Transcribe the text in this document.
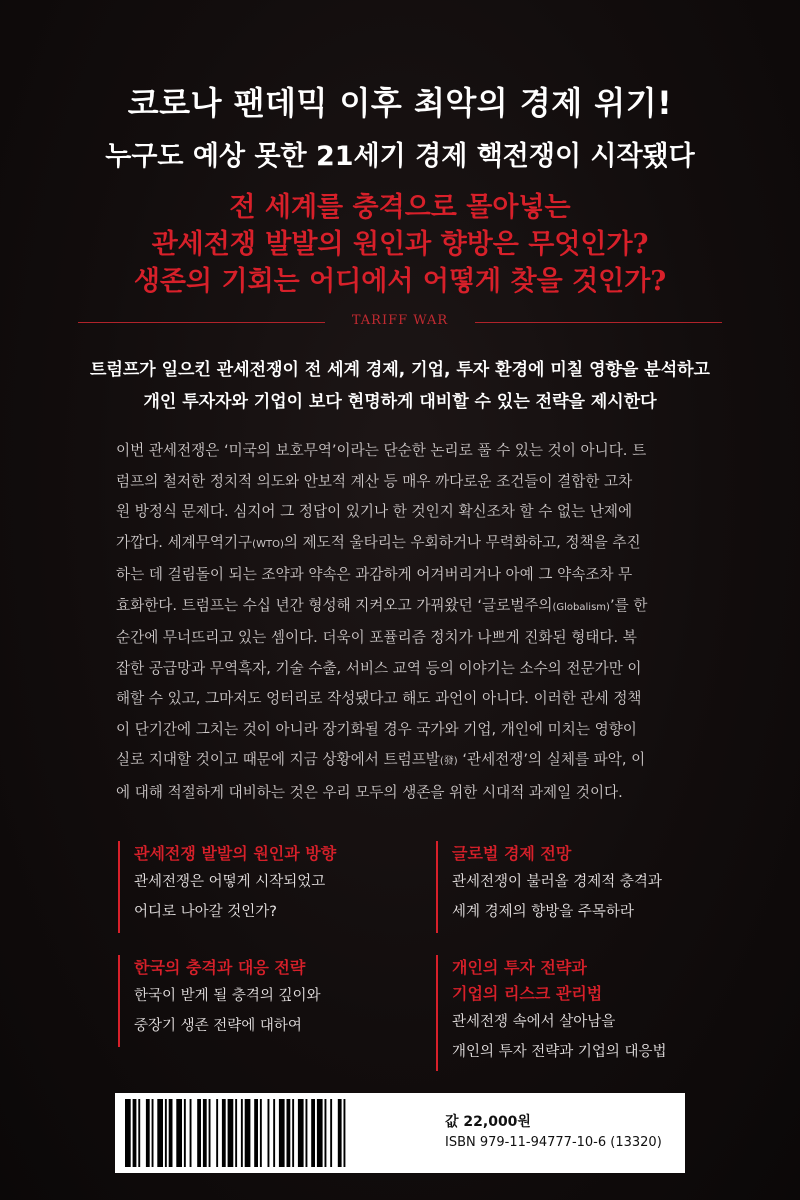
코로나 팬데믹 이후 최악의 경제 위기!

누구도 예상 못한 21세기 경제 핵전쟁이 시작됐다

전 세계를 충격으로 몰아넣는

관세전쟁 발발의 원인과 향방은 무엇인가?

생존의 기회는 어디에서 어떻게 찾을 것인가?

TARIFF WAR

트럼프가 일으킨 관세전쟁이 전 세계 경제, 기업, 투자 환경에 미칠 영향을 분석하고

개인 투자자와 기업이 보다 현명하게 대비할 수 있는 전략을 제시한다

이번 관세전쟁은 ‘미국의 보호무역’이라는 단순한 논리로 풀 수 있는 것이 아니다. 트
럼프의 철저한 정치적 의도와 안보적 계산 등 매우 까다로운 조건들이 결합한 고차
원 방정식 문제다. 심지어 그 정답이 있기나 한 것인지 확신조차 할 수 없는 난제에
가깝다. 세계무역기구(WTO)의 제도적 울타리는 우회하거나 무력화하고, 정책을 추진
하는 데 걸림돌이 되는 조약과 약속은 과감하게 어겨버리거나 아예 그 약속조차 무
효화한다. 트럼프는 수십 년간 형성해 지켜오고 가꿔왔던 ‘글로벌주의(Globalism)’를 한
순간에 무너뜨리고 있는 셈이다. 더욱이 포퓰리즘 정치가 나쁘게 진화된 형태다. 복
잡한 공급망과 무역흑자, 기술 수출, 서비스 교역 등의 이야기는 소수의 전문가만 이
해할 수 있고, 그마저도 엉터리로 작성됐다고 해도 과언이 아니다. 이러한 관세 정책
이 단기간에 그치는 것이 아니라 장기화될 경우 국가와 기업, 개인에 미치는 영향이
실로 지대할 것이고 때문에 지금 상황에서 트럼프발(發) ‘관세전쟁’의 실체를 파악, 이
에 대해 적절하게 대비하는 것은 우리 모두의 생존을 위한 시대적 과제일 것이다.
관세전쟁 발발의 원인과 방향
관세전쟁은 어떻게 시작되었고
어디로 나아갈 것인가?
글로벌 경제 전망
관세전쟁이 불러올 경제적 충격과
세계 경제의 향방을 주목하라
한국의 충격과 대응 전략
한국이 받게 될 충격의 깊이와
중장기 생존 전략에 대하여
개인의 투자 전략과
기업의 리스크 관리법
관세전쟁 속에서 살아남을
개인의 투자 전략과 기업의 대응법
값 22,000원
ISBN 979-11-94777-10-6 (13320)
